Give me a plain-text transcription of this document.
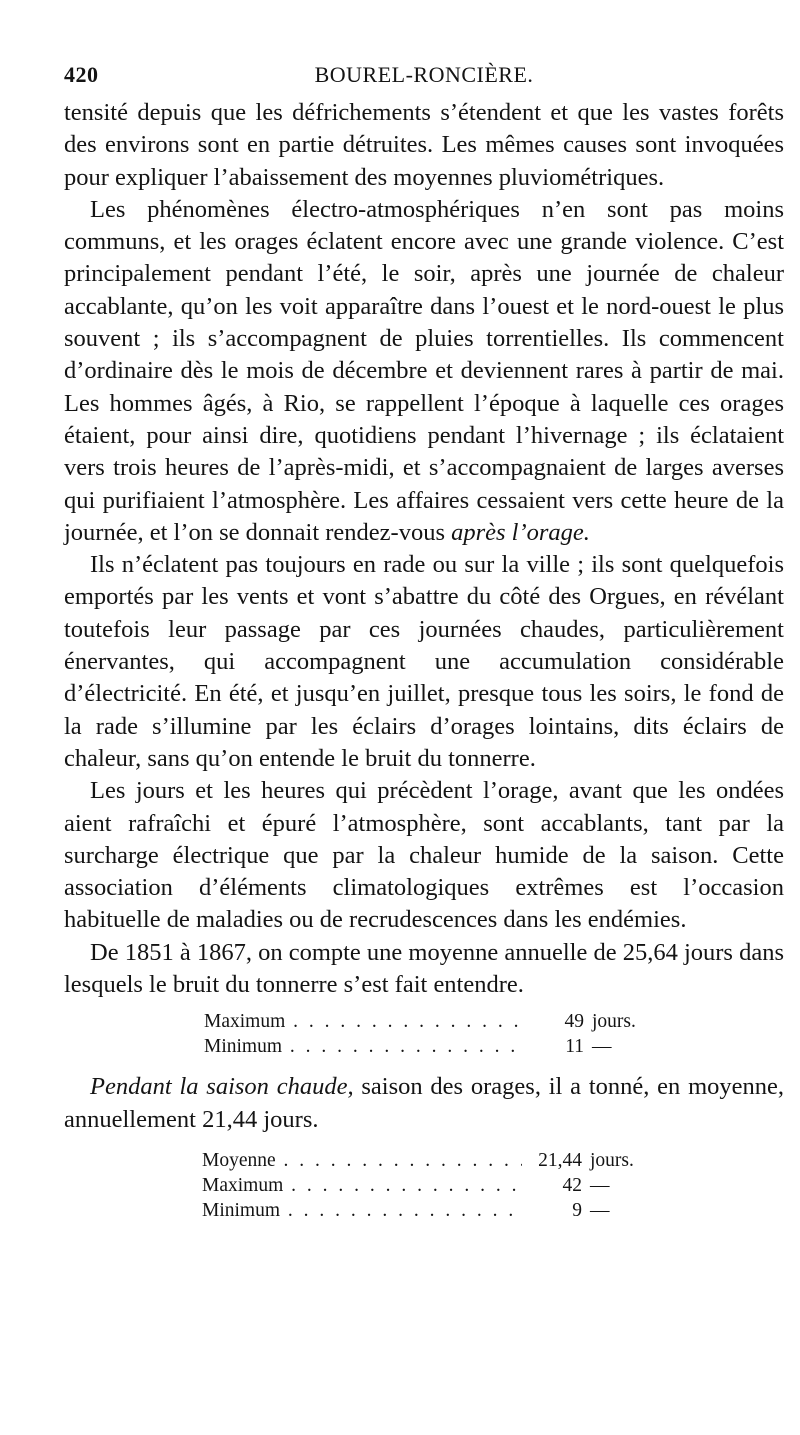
420	BOUREL-RONCIÈRE.

tensité depuis que les défrichements s’étendent et que les vastes forêts des environs sont en partie détruites. Les mêmes causes sont invoquées pour expliquer l’abaissement des moyennes pluviométriques.

Les phénomènes électro-atmosphériques n’en sont pas moins communs, et les orages éclatent encore avec une grande violence. C’est principalement pendant l’été, le soir, après une journée de chaleur accablante, qu’on les voit apparaître dans l’ouest et le nord-ouest le plus souvent ; ils s’accompagnent de pluies torrentielles. Ils commencent d’ordinaire dès le mois de décembre et deviennent rares à partir de mai. Les hommes âgés, à Rio, se rappellent l’époque à laquelle ces orages étaient, pour ainsi dire, quotidiens pendant l’hivernage ; ils éclataient vers trois heures de l’après-midi, et s’accompagnaient de larges averses qui purifiaient l’atmosphère. Les affaires cessaient vers cette heure de la journée, et l’on se donnait rendez-vous après l’orage.

Ils n’éclatent pas toujours en rade ou sur la ville ; ils sont quelquefois emportés par les vents et vont s’abattre du côté des Orgues, en révélant toutefois leur passage par ces journées chaudes, particulièrement énervantes, qui accompagnent une accumulation considérable d’électricité. En été, et jusqu’en juillet, presque tous les soirs, le fond de la rade s’illumine par les éclairs d’orages lointains, dits éclairs de chaleur, sans qu’on entende le bruit du tonnerre.

Les jours et les heures qui précèdent l’orage, avant que les ondées aient rafraîchi et épuré l’atmosphère, sont accablants, tant par la surcharge électrique que par la chaleur humide de la saison. Cette association d’éléments climatologiques extrêmes est l’occasion habituelle de maladies ou de recrudescences dans les endémies.

De 1851 à 1867, on compte une moyenne annuelle de 25,64 jours dans lesquels le bruit du tonnerre s’est fait entendre.

Maximum . . .	49 jours.
Minimum . . .	11 —

Pendant la saison chaude, saison des orages, il a tonné, en moyenne, annuellement 21,44 jours.

Moyenne . . .	21,44 jours.
Maximum . . .	42 —
Minimum . . .	9 —
